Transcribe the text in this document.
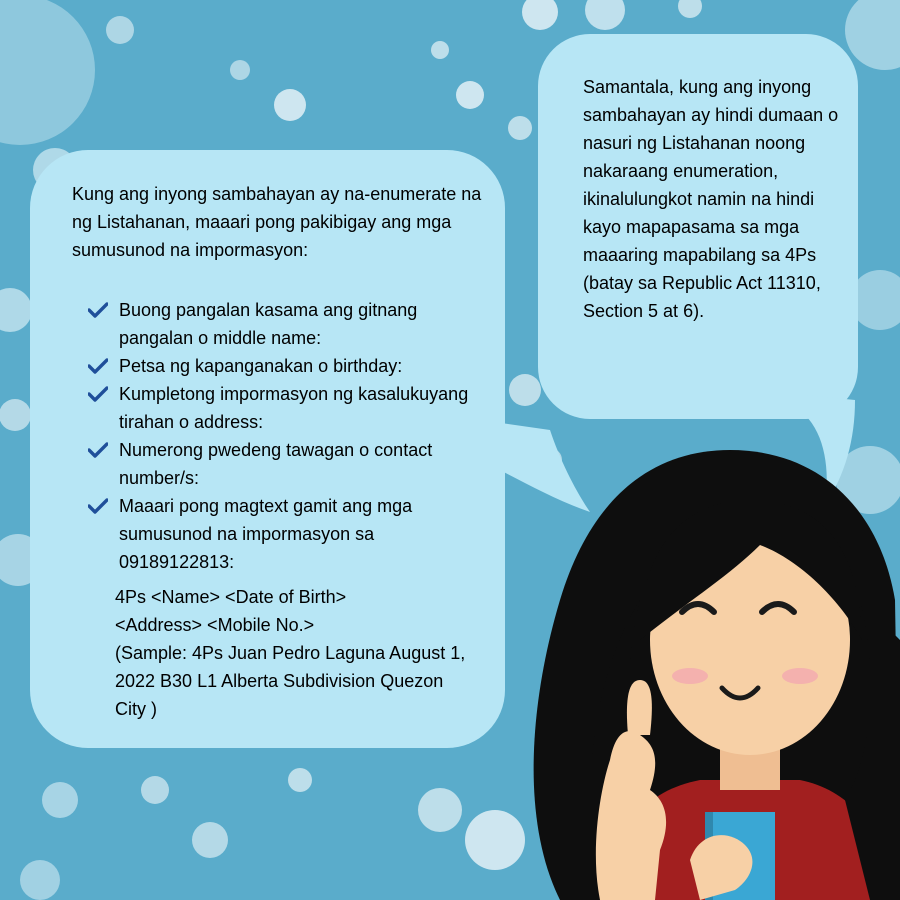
Kung ang inyong sambahayan ay na-enumerate na ng Listahanan, maaari pong pakibigay ang mga sumusunod na impormasyon:

Buong pangalan kasama ang gitnang pangalan o middle name:
Petsa ng kapanganakan o birthday:
Kumpletong impormasyon ng kasalukuyang tirahan o address:
Numerong pwedeng tawagan o contact number/s:
Maaari pong magtext gamit ang mga sumusunod na impormasyon sa 09189122813:
4Ps <Name> <Date of Birth>
<Address> <Mobile No.>
(Sample: 4Ps Juan Pedro Laguna August 1, 2022 B30 L1 Alberta Subdivision Quezon City )

Samantala, kung ang inyong sambahayan ay hindi dumaan o nasuri ng Listahanan noong nakaraang enumeration, ikinalulungkot namin na hindi kayo mapapasama sa mga maaaring mapabilang sa 4Ps (batay sa Republic Act 11310, Section 5 at 6).
